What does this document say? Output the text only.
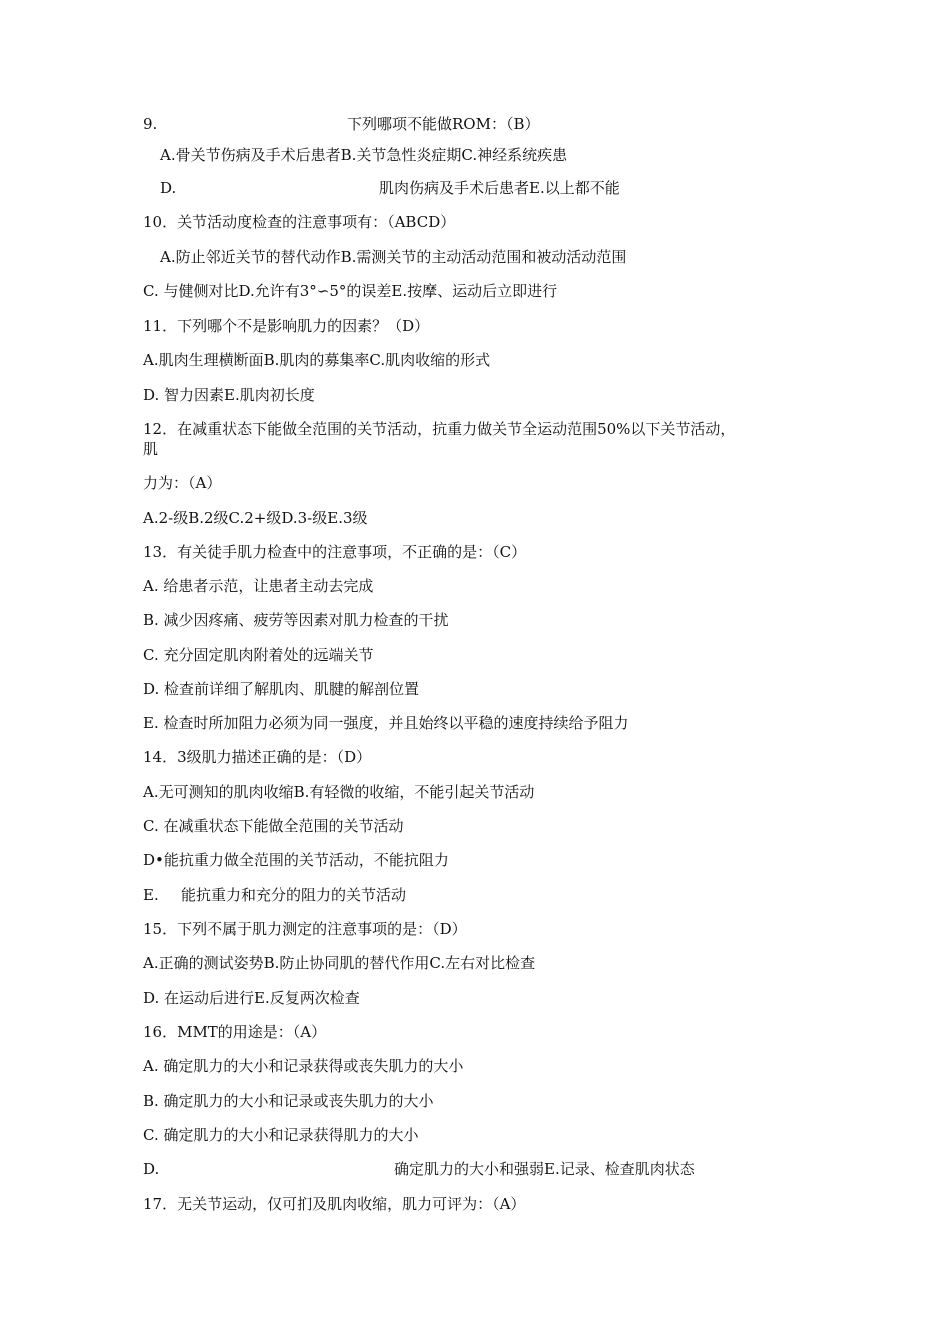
9.	下列哪项不能做ROM：（B）
A.骨关节伤病及手术后患者B.关节急性炎症期C.神经系统疾患
D.	肌肉伤病及手术后患者E.以上都不能
10．关节活动度检查的注意事项有：（ABCD）
A.防止邻近关节的替代动作B.需测关节的主动活动范围和被动活动范围
C. 与健侧对比D.允许有3°∽5°的误差E.按摩、运动后立即进行
11．下列哪个不是影响肌力的因素？（D）
A.肌肉生理横断面B.肌肉的募集率C.肌肉收缩的形式
D. 智力因素E.肌肉初长度
12．在减重状态下能做全范围的关节活动，抗重力做关节全运动范围50%以下关节活动，
肌
力为：（A）
A.2-级B.2级C.2+级D.3-级E.3级
13．有关徒手肌力检查中的注意事项，不正确的是：（C）
A. 给患者示范，让患者主动去完成
B. 减少因疼痛、疲劳等因素对肌力检查的干扰
C. 充分固定肌肉附着处的远端关节
D. 检查前详细了解肌肉、肌腱的解剖位置
E. 检查时所加阻力必须为同一强度，并且始终以平稳的速度持续给予阻力
14．3级肌力描述正确的是：（D）
A.无可测知的肌肉收缩B.有轻微的收缩，不能引起关节活动
C. 在减重状态下能做全范围的关节活动
D•能抗重力做全范围的关节活动，不能抗阻力
E. 能抗重力和充分的阻力的关节活动
15．下列不属于肌力测定的注意事项的是：（D）
A.正确的测试姿势B.防止协同肌的替代作用C.左右对比检查
D. 在运动后进行E.反复两次检查
16．MMT的用途是：（A）
A. 确定肌力的大小和记录获得或丧失肌力的大小
B. 确定肌力的大小和记录或丧失肌力的大小
C. 确定肌力的大小和记录获得肌力的大小
D.	确定肌力的大小和强弱E.记录、检查肌肉状态
17．无关节运动，仅可扪及肌肉收缩，肌力可评为：（A）
